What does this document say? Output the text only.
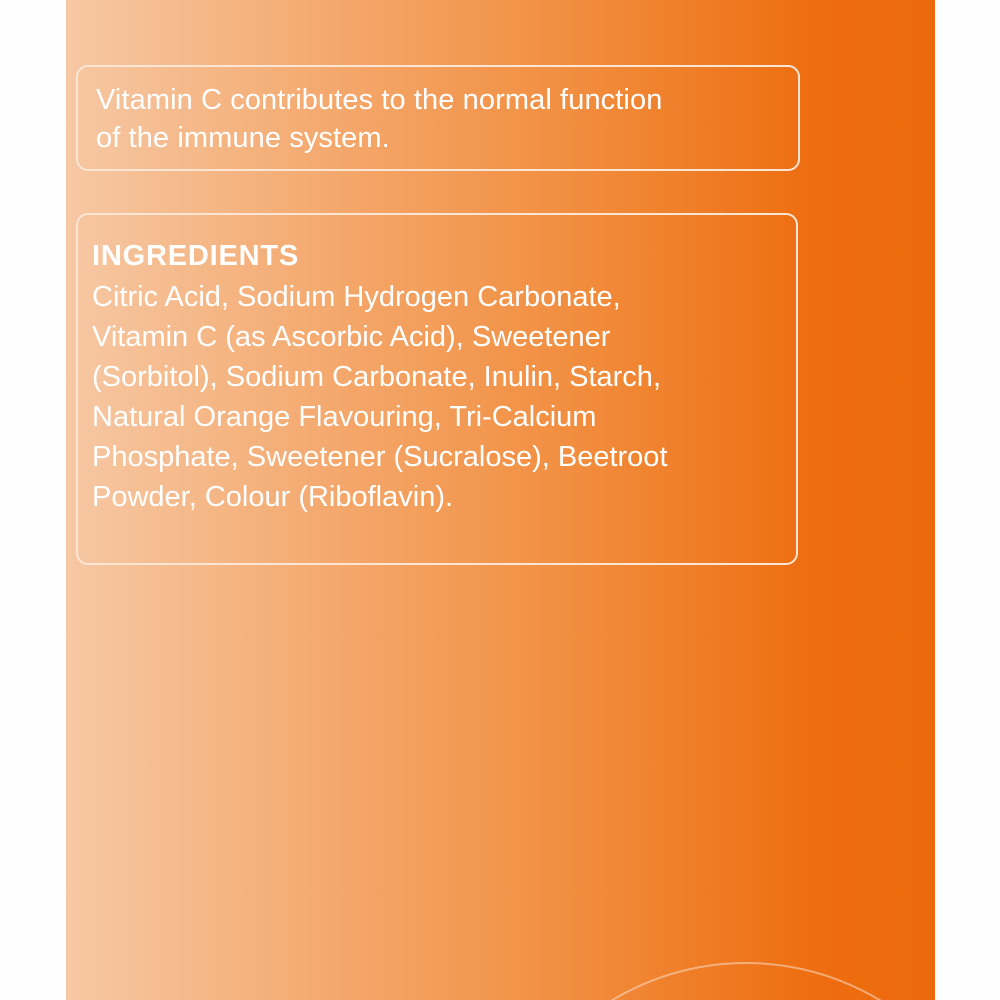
Vitamin C contributes to the normal function
of the immune system.

INGREDIENTS

Citric Acid, Sodium Hydrogen Carbonate,
Vitamin C (as Ascorbic Acid), Sweetener
(Sorbitol), Sodium Carbonate, Inulin, Starch,
Natural Orange Flavouring, Tri-Calcium
Phosphate, Sweetener (Sucralose), Beetroot
Powder, Colour (Riboflavin).
